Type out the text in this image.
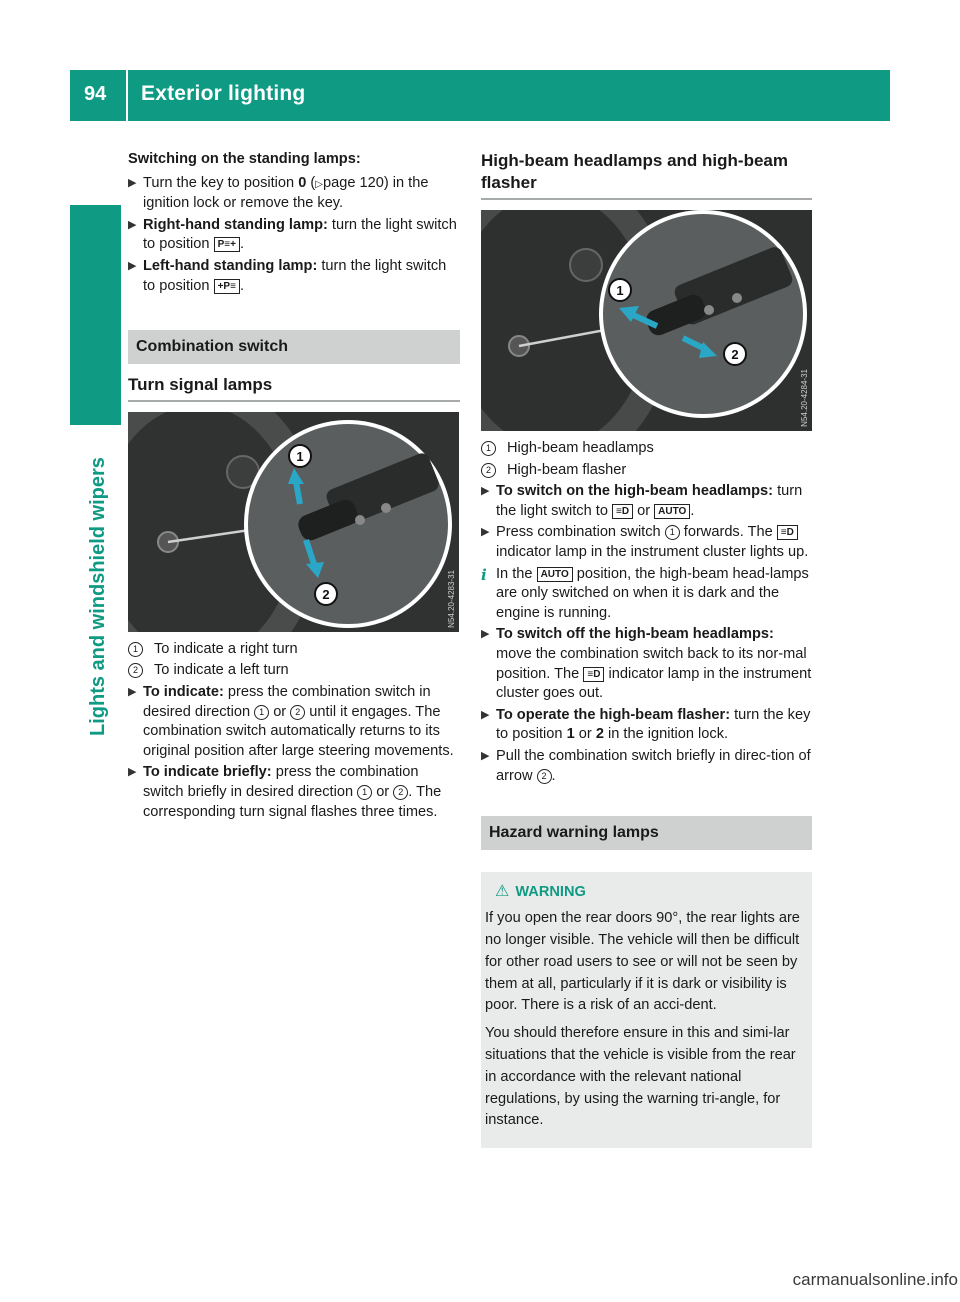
94 Exterior lighting
Lights and windshield wipers

Switching on the standing lamps:

▶ Turn the key to position 0 (▷page 120) in the ignition lock or remove the key.
▶ Right-hand standing lamp: turn the light switch to position P≡+ .
▶ Left-hand standing lamp: turn the light switch to position +P≡ .
Combination switch
Turn signal lamps
1
2	N54.20-4283-31
1	To indicate a right turn
2	To indicate a left turn
▶ To indicate: press the combination switch in desired direction 1 or 2 until it engages. The combination switch automatically returns to its original position after large steering movements.
▶ To indicate briefly: press the combination switch briefly in desired direction 1 or 2 . The corresponding turn signal flashes three times.
High-beam headlamps and high-beam flasher
1
2
N54.20-4284-31
1	High-beam headlamps
2	High-beam flasher
▶ To switch on the high-beam headlamps: turn the light switch to ≡D or AUTO .
▶ Press combination switch 1 forwards. The ≡D indicator lamp in the instrument cluster lights up.
i In the AUTO position, the high-beam head-lamps are only switched on when it is dark and the engine is running.
▶ To switch off the high-beam headlamps: move the combination switch back to its nor-mal position. The ≡D indicator lamp in the instrument cluster goes out.
▶ To operate the high-beam flasher: turn the key to position 1 or 2 in the ignition lock.
▶ Pull the combination switch briefly in direc-tion of arrow 2 .
Hazard warning lamps
⚠ WARNING

If you open the rear doors 90°, the rear lights are no longer visible. The vehicle will then be difficult for other road users to see or will not be seen by them at all, particularly if it is dark or visibility is poor. There is a risk of an acci-dent.

You should therefore ensure in this and simi-lar situations that the vehicle is visible from the rear in accordance with the relevant national regulations, by using the warning tri-angle, for instance.

carmanualsonline.info
